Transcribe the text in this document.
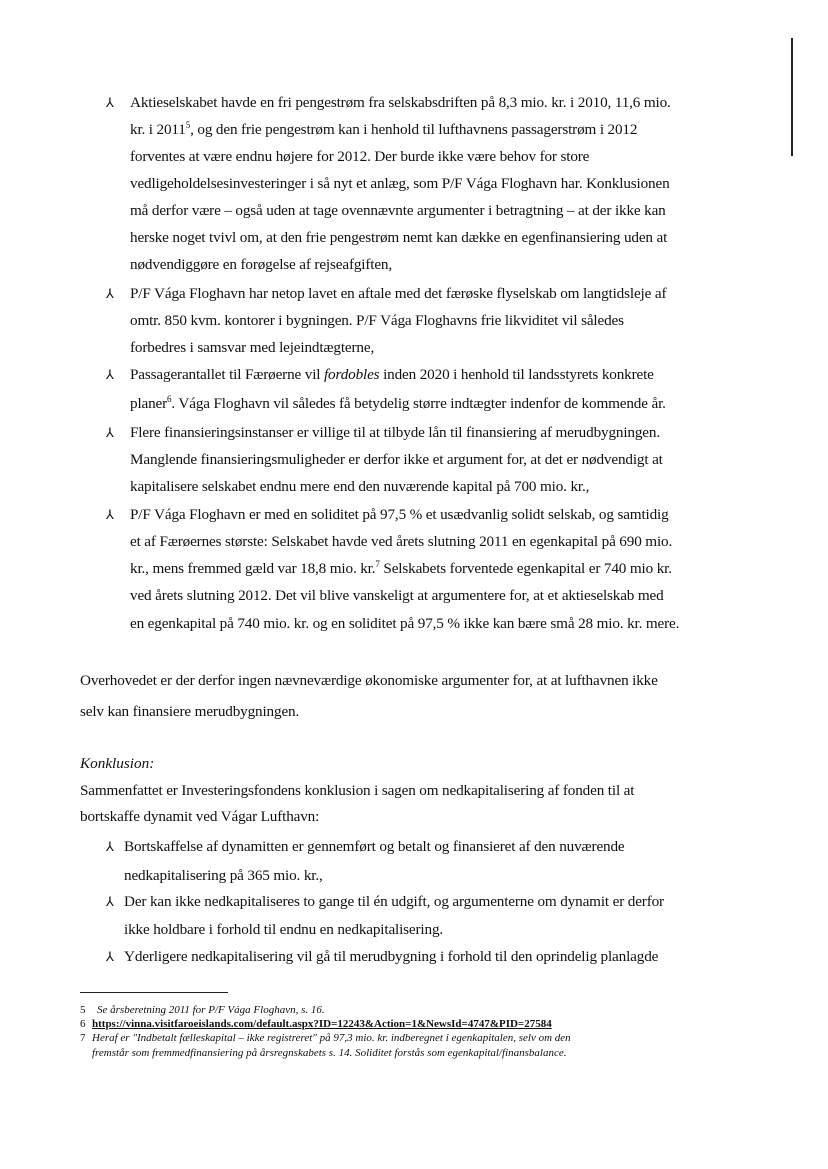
⅄ Aktieselskabet havde en fri pengestrøm fra selskabsdriften på 8,3 mio. kr. i 2010, 11,6 mio.
kr. i 2011$^5$, og den frie pengestrøm kan i henhold til lufthavnens passagerstrøm i 2012
forventes at være endnu højere for 2012. Der burde ikke være behov for store
vedligeholdelsesinvesteringer i så nyt et anlæg, som P/F Vága Floghavn har. Konklusionen
må derfor være – også uden at tage ovennævnte argumenter i betragtning – at der ikke kan
herske noget tvivl om, at den frie pengestrøm nemt kan dække en egenfinansiering uden at
nødvendiggøre en forøgelse af rejseafgiften,
⅄ P/F Vága Floghavn har netop lavet en aftale med det færøske flyselskab om langtidsleje af
omtr. 850 kvm. kontorer i bygningen. P/F Vága Floghavns frie likviditet vil således
forbedres i samsvar med lejeindtægterne,
⅄ Passagerantallet til Færøerne vil fordobles inden 2020 i henhold til landsstyrets konkrete
planer$^6$. Vága Floghavn vil således få betydelig større indtægter indenfor de kommende år.
⅄ Flere finansieringsinstanser er villige til at tilbyde lån til finansiering af merudbygningen.
Manglende finansieringsmuligheder er derfor ikke et argument for, at det er nødvendigt at
kapitalisere selskabet endnu mere end den nuværende kapital på 700 mio. kr.,
⅄ P/F Vága Floghavn er med en soliditet på 97,5 % et usædvanlig solidt selskab, og samtidig
et af Færøernes største: Selskabet havde ved årets slutning 2011 en egenkapital på 690 mio.
kr., mens fremmed gæld var 18,8 mio. kr.$^7$ Selskabets forventede egenkapital er 740 mio kr.
ved årets slutning 2012. Det vil blive vanskeligt at argumentere for, at et aktieselskab med
en egenkapital på 740 mio. kr. og en soliditet på 97,5 % ikke kan bære små 28 mio. kr. mere.
Overhovedet er der derfor ingen nævneværdige økonomiske argumenter for, at at lufthavnen ikke
selv kan finansiere merudbygningen.
Konklusion:
Sammenfattet er Investeringsfondens konklusion i sagen om nedkapitalisering af fonden til at
bortskaffe dynamit ved Vágar Lufthavn:
⅄ Bortskaffelse af dynamitten er gennemført og betalt og finansieret af den nuværende
nedkapitalisering på 365 mio. kr.,
⅄ Der kan ikke nedkapitaliseres to gange til én udgift, og argumenterne om dynamit er derfor
ikke holdbare i forhold til endnu en nedkapitalisering.
⅄ Yderligere nedkapitalisering vil gå til merudbygning i forhold til den oprindelig planlagde
5 Se årsberetning 2011 for P/F Vága Floghavn, s. 16.
6 https://vinna.visitfaroeislands.com/default.aspx?ID=12243&Action=1&NewsId=4747&PID=27584
7 Heraf er "Indbetalt fælleskapital – ikke registreret" på 97,3 mio. kr. indberegnet i egenkapitalen, selv om den
fremstår som fremmedfinansiering på årsregnskabets s. 14. Soliditet forstås som egenkapital/finansbalance.
